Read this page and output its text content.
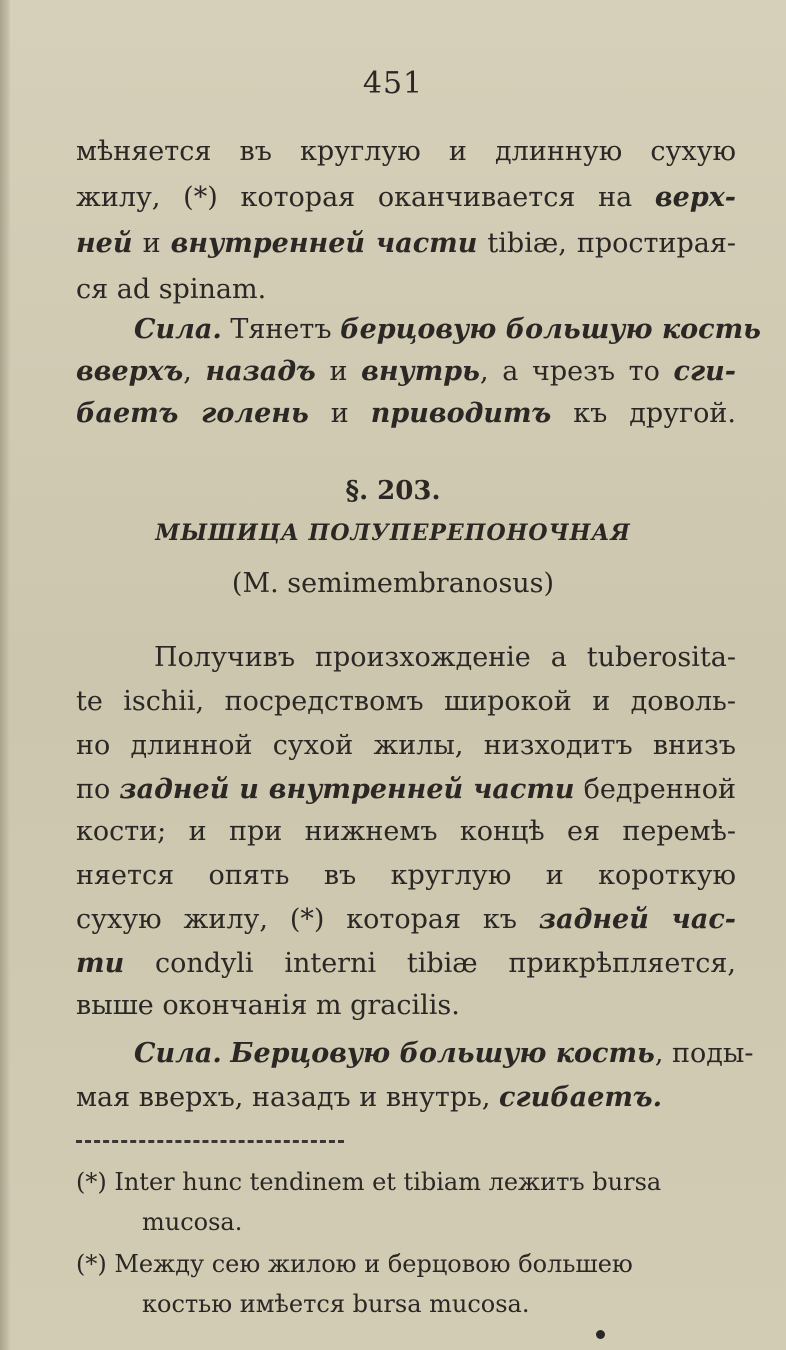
451
мѣняется въ круглую и длинную сухую
жилу, (*) которая оканчивается на верх-
ней и внутренней части tibiæ, простирая-
ся ad spinam.
Сила. Тянетъ берцовую большую кость
вверхъ, назадъ и внутрь, а чрезъ то сги-
баетъ голень и приводитъ къ другой.
§. 203.
МЫШИЦА ПОЛУПЕРЕПОНОЧНАЯ
(M. semimembranosus)
Получивъ произхожденіе а tuberosita-
te ischii, посредствомъ широкой и доволь-
но длинной сухой жилы, низходитъ внизъ
по задней и внутренней части бедренной
кости; и при нижнемъ концѣ ея перемѣ-
няется опять въ круглую и короткую
сухую жилу, (*) которая къ задней час-
ти condyli interni tibiæ прикрѣпляется,
выше окончанія m gracilis.
Сила. Берцовую большую кость, поды-
мая вверхъ, назадъ и внутрь, сгибаетъ.
(*) Inter hunc tendinem et tibiam лежитъ bursa
mucosa.
(*) Между сею жилою и берцовою большею
костью имѣется bursa mucosa.
